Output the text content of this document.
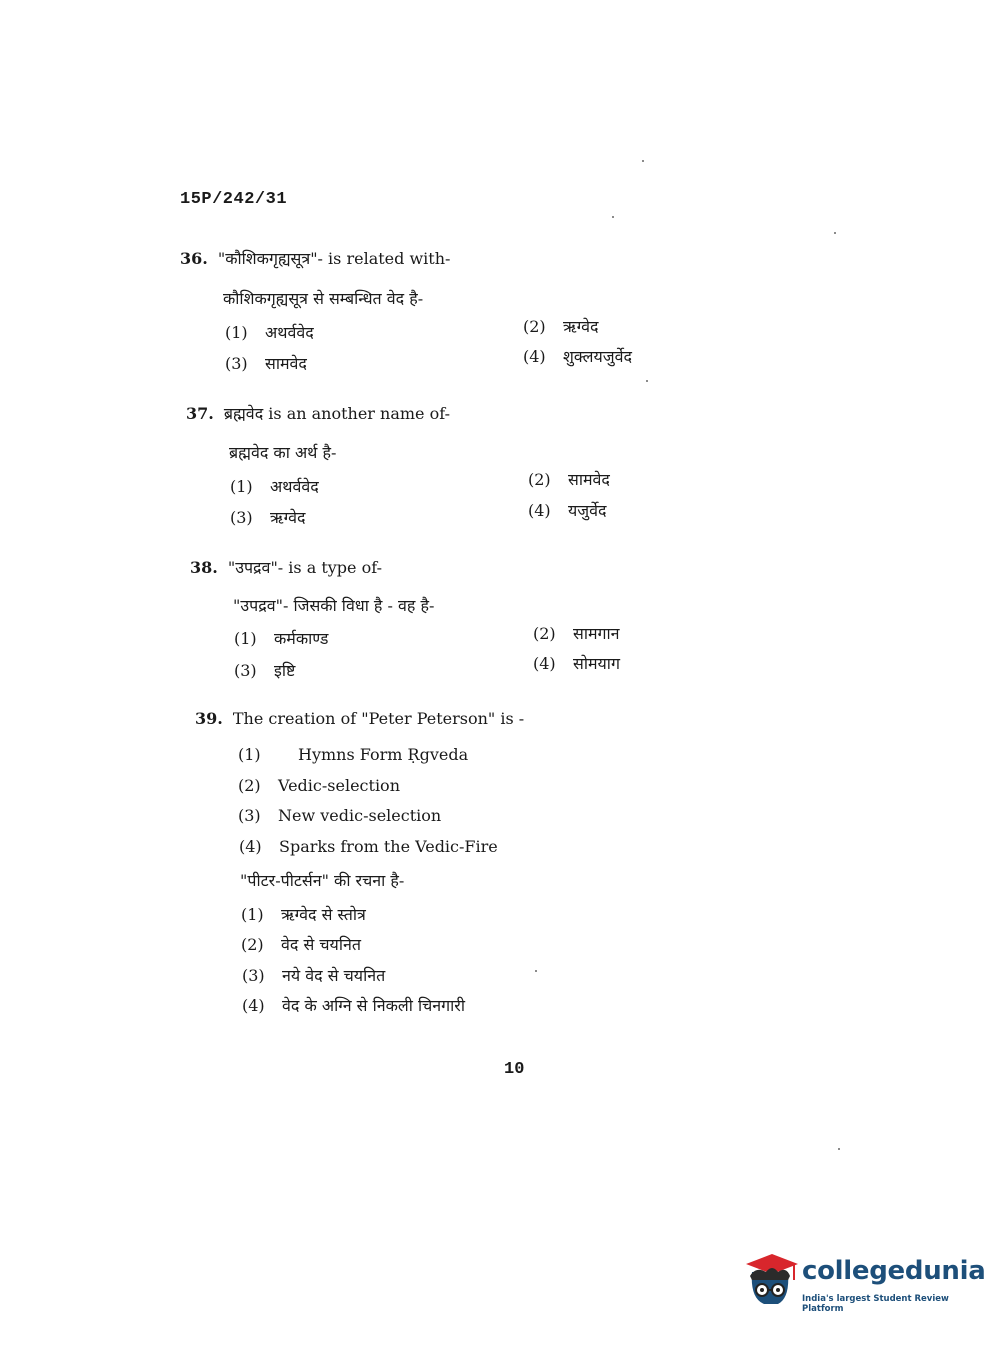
15P/242/31
36. "कौशिकगृह्यसूत्र"- is related with-
कौशिकगृह्यसूत्र से सम्बन्धित वेद है-
(1) अथर्ववेद	(2) ऋग्वेद
(3) सामवेद	(4) शुक्लयजुर्वेद
37. ब्रह्मवेद is an another name of-
ब्रह्मवेद का अर्थ है-
(1) अथर्ववेद	(2) सामवेद
(3) ऋग्वेद	(4) यजुर्वेद
38. "उपद्रव"- is a type of-
"उपद्रव"- जिसकी विधा है - वह है-
(1) कर्मकाण्ड	(2) सामगान
(3) इष्टि	(4) सोमयाग
39. The creation of "Peter Peterson" is -
(1) Hymns Form Ṛgveda
(2) Vedic-selection
(3) New vedic-selection
(4) Sparks from the Vedic-Fire
"पीटर-पीटर्सन" की रचना है-
(1) ऋग्वेद से स्तोत्र
(2) वेद से चयनित
(3) नये वेद से चयनित
(4) वेद के अग्नि से निकली चिनगारी
10
collegedunia
India's largest Student Review Platform
